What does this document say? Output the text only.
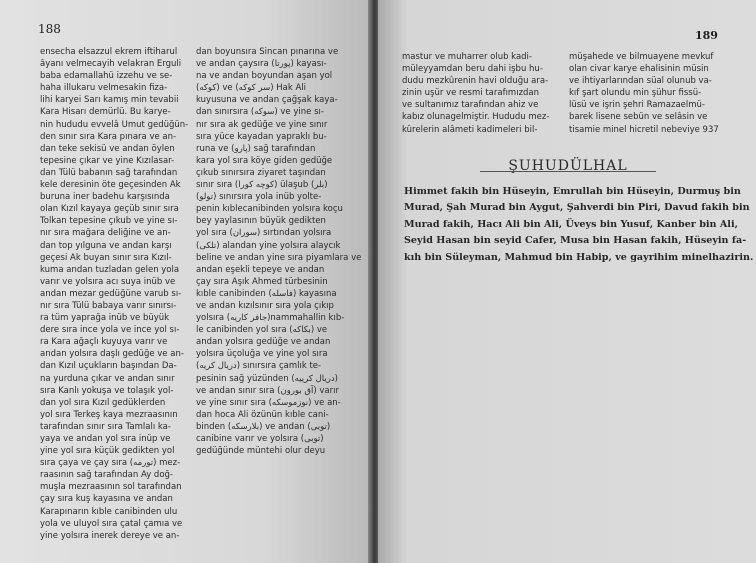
188
ensecha elsazzul ekrem iftiharul
âyanı velmecayih velakran Erguli
baba edamallahü izzehu ve se-
haha illukaru velmesakin fiza-
lihi karyei Sarı kamış min tevabii
Kara Hisarı demürlü. Bu karye-
nin hududu evvelâ Umut gedüğün-
den sınır sıra Kara pınara ve an-
dan teke sekisü ve andan öylen
tepesine çıkar ve yine Kızılasar-
dan Tülü babanın sağ tarafından
kele deresinin öte geçesinden Ak
buruna iner badehu karşısında
olan Kızıl kayaya geçüb sınır sıra
Tolkan tepesine çıkub ve yine sı-
nır sıra mağara deliğine ve an-
dan top yılguna ve andan karşı
geçesi Ak buyan sınır sıra Kızıl-
kuma andan tuzladan gelen yola
varır ve yolsıra acı suya inüb ve
andan mezar gedüğüne varub sı-
nır sıra Tülü babaya varır sınırsı-
ra tüm yaprağa inüb ve büyük
dere sıra ince yola ve ince yol sı-
ra Kara ağaçlı kuyuya varır ve
andan yolsıra daşlı gedüğe ve an-
dan Kızıl uçukların başından Da-
na yurduna çıkar ve andan sınır
sıra Kanlı yokuşa ve tolaşık yol-
dan yol sıra Kızıl gedüklerden
yol sıra Terkeş kaya mezraasının
tarafından sınır sıra Tamlalı ka-
yaya ve andan yol sıra inüp ve
yine yol sıra küçük gedikten yol
sıra çaya ve çay sıra (تورمه) mez-
raasının sağ tarafından Ay doğ-
muşla mezraasının sol tarafından
çay sıra kuş kayasına ve andan
Karapınarın kıble canibinden ulu
yola ve uluyol sıra çatal çamıa ve
yine yolsıra inerek dereye ve an-
dan boyunsıra Sincan pınarına ve
ve andan çaysıra (پورتا) kayası-
na ve andan boyundan aşan yol
(کوکه) ve (سر کوکه) Hak Ali
kuyusuna ve andan çağşak kaya-
dan sınırsıra (سوکه) ve yine sı-
nır sıra ak gedüğe ve yine sınır
sıra yüce kayadan yapraklı bu-
runa ve (پارو) sağ tarafından
kara yol sıra köye giden gedüğe
çıkub sınırsıra ziyaret taşından
sınır sıra (کوچه کورا) ülaşub (بلر)
(تولو) sınırsıra yola inüb yolte-
penin kıblecanibinden yolsıra koçu
bey yaylasının büyük gedikten
yol sıra (سوران) sırtından yolsıra
(تلکی) alandan yine yolsıra alaycık
beline ve andan yine sıra piyamlara ve
andan eşekli tepeye ve andan
çay sıra Aşık Ahmed türbesinin
kıble canibinden (فاسله) kayasına
ve andan kızılsınır sıra yola çıkıp
yolsıra (جافر کاریه)nammahallin kıb-
le canibinden yol sıra (بکاکه) ve
andan yolsıra gedüğe ve andan
yolsıra üçoluğa ve yine yol sıra
(دریال کریه) sınırsıra çamlık te-
pesinin sağ yüzünden (دریال کرییه)
ve andan sınır sıra (آق بورون) varır
ve yine sınır sıra (نوزموسکه) ve an-
dan hoca Ali özünün kıble cani-
binden (بلارسکه) ve andan (توبی)
canibine varır ve yolsıra (توبی)
gedüğünde müntehi olur deyu
189
mastur ve muharrer olub kadi-
müleyyamdan beru dahi işbu hu-
dudu mezkûrenin havi olduğu ara-
zinin uşür ve resmi tarafımızdan
ve sultanımız tarafından ahiz ve
kabız olunagelmiştir. Hududu mez-
kûrelerin alâmeti kadimeleri bil-
müşahede ve bilmuayene mevkuf
olan civar karye ehalisinin müsin
ve ihtiyarlarından süal olunub va-
kıf şart olundu min şühur fissü-
lüsü ve işrin şehri Ramazaelmü-
barek lisene sebün ve selâsin ve
tisamie minel hicretil nebeviye 937
ŞUHUDÜLHAL
Himmet fakih bin Hüseyin, Emrullah bin Hüseyin, Durmuş bin
Murad, Şah Murad bin Aygut, Şahverdi bin Piri, Davud fakih bin
Murad fakih, Hacı Ali bin Ali, Üveys bin Yusuf, Kanber bin Ali,
Seyid Hasan bin seyid Cafer, Musa bin Hasan fakih, Hüseyin fa-
kıh bin Süleyman, Mahmud bin Habip, ve gayrihim minelhazirin.
